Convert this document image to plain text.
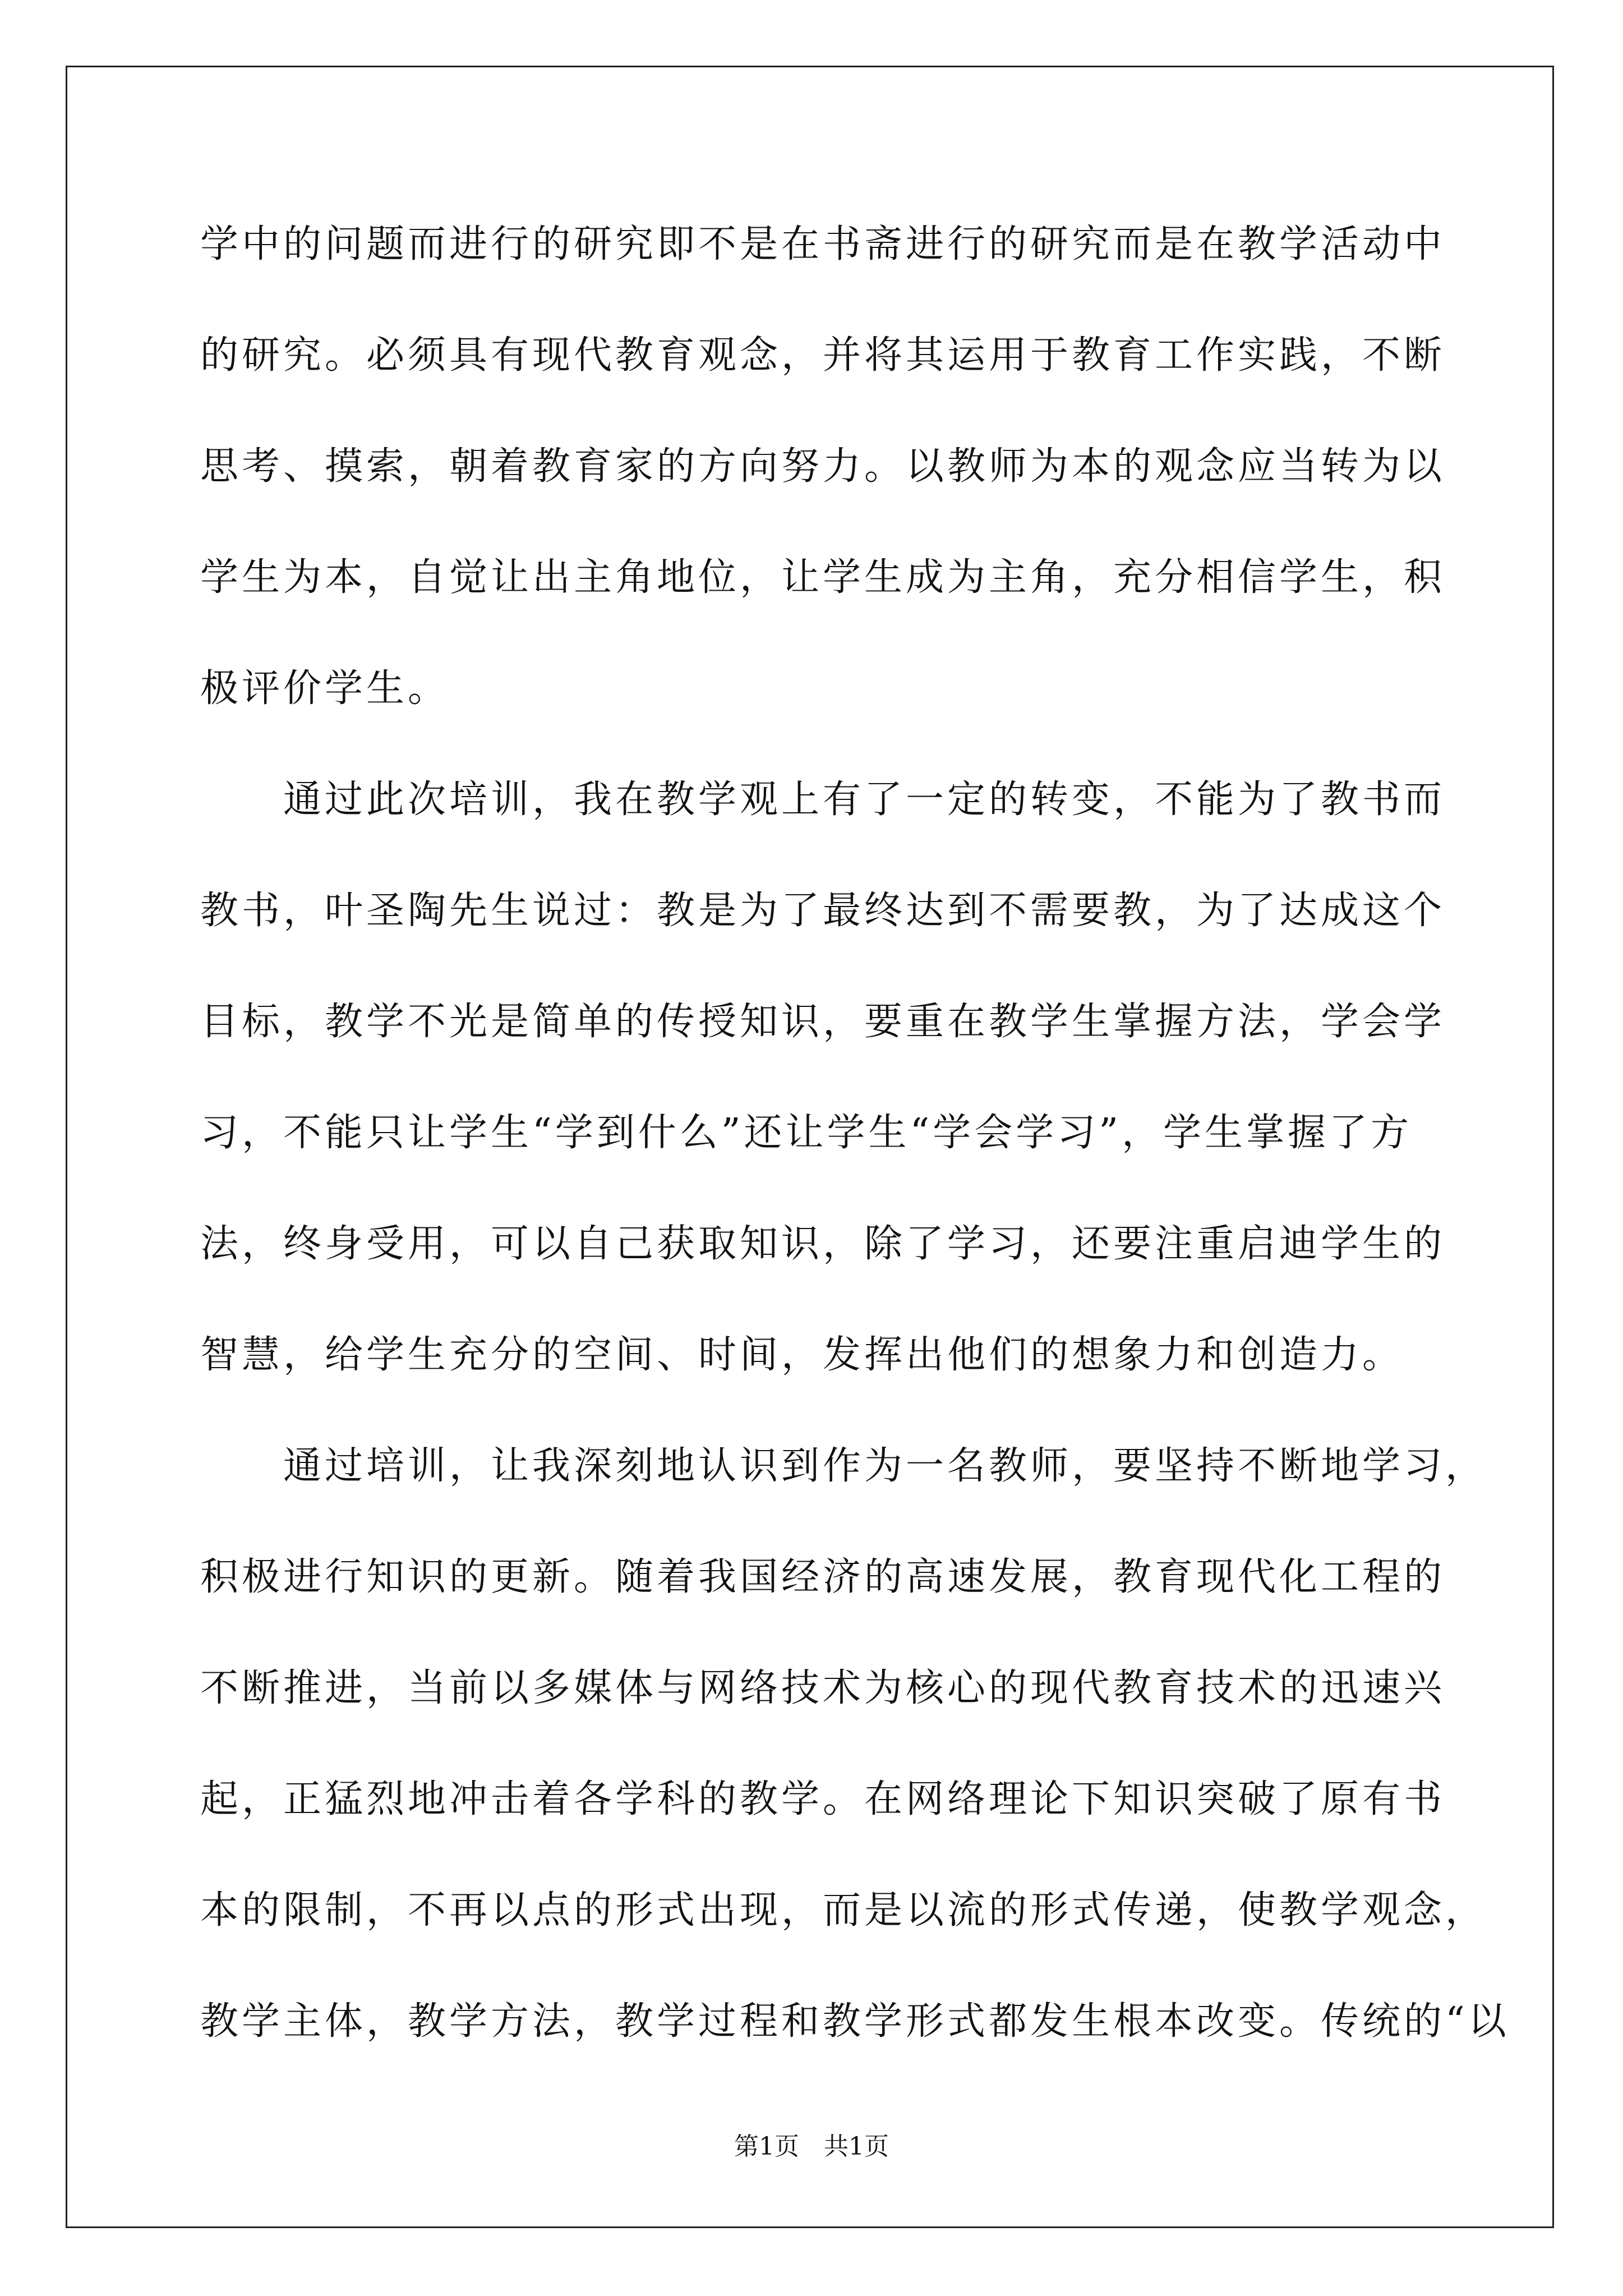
学中的问题而进行的研究即不是在书斋进行的研究而是在教学活动中
的研究。必须具有现代教育观念，并将其运用于教育工作实践，不断
思考、摸索，朝着教育家的方向努力。以教师为本的观念应当转为以
学生为本，自觉让出主角地位，让学生成为主角，充分相信学生，积
极评价学生。
　　通过此次培训，我在教学观上有了一定的转变，不能为了教书而
教书，叶圣陶先生说过：教是为了最终达到不需要教，为了达成这个
目标，教学不光是简单的传授知识，要重在教学生掌握方法，学会学
习，不能只让学生“学到什么”还让学生“学会学习”，学生掌握了方
法，终身受用，可以自己获取知识，除了学习，还要注重启迪学生的
智慧，给学生充分的空间、时间，发挥出他们的想象力和创造力。
　　通过培训，让我深刻地认识到作为一名教师，要坚持不断地学习，
积极进行知识的更新。随着我国经济的高速发展，教育现代化工程的
不断推进，当前以多媒体与网络技术为核心的现代教育技术的迅速兴
起，正猛烈地冲击着各学科的教学。在网络理论下知识突破了原有书
本的限制，不再以点的形式出现，而是以流的形式传递，使教学观念，
教学主体，教学方法，教学过程和教学形式都发生根本改变。传统的“以
第1页　共1页
